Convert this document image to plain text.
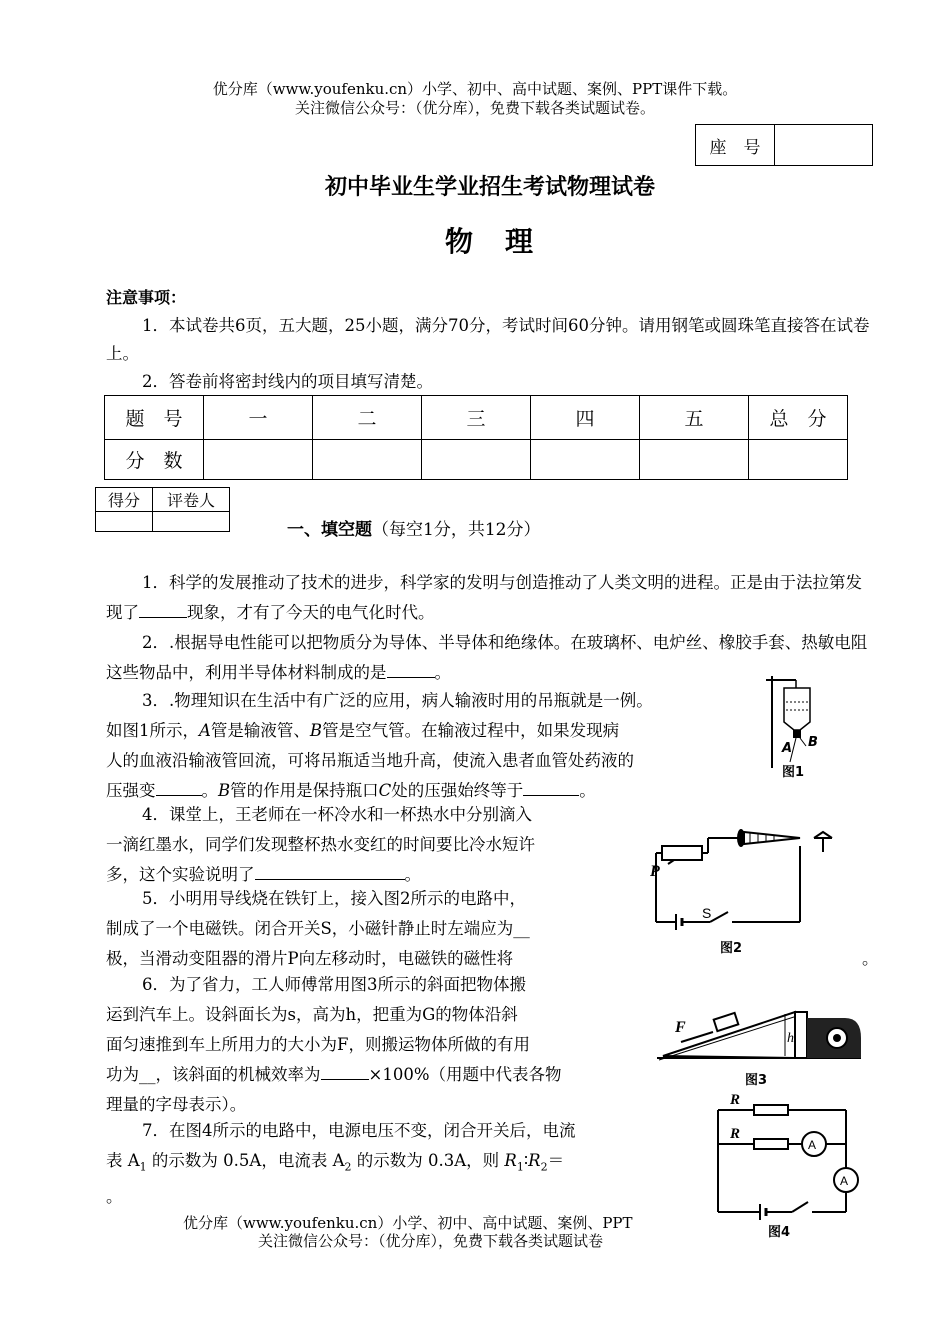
优分库（www.youfenku.cn）小学、初中、高中试题、案例、PPT课件下载。
关注微信公众号：（优分库），免费下载各类试题试卷。
座　号
初中毕业生学业招生考试物理试卷
物　理
注意事项：
1．本试卷共6页，五大题，25小题，满分70分，考试时间60分钟。请用钢笔或圆珠笔直接答在试卷上。
2．答卷前将密封线内的项目填写清楚。
题　号	一	二	三	四	五	总　分
分　数						
得分	评卷人

一、填空题（每空1分，共12分）
1．科学的发展推动了技术的进步，科学家的发明与创造推动了人类文明的进程。正是由于法拉第发现了	现象，才有了今天的电气化时代。
2．.根据导电性能可以把物质分为导体、半导体和绝缘体。在玻璃杯、电炉丝、橡胶手套、热敏电阻这些物品中，利用半导体材料制成的是	。
3．.物理知识在生活中有广泛的应用，病人输液时用的吊瓶就是一例。
如图1所示，A管是输液管、B管是空气管。在输液过程中，如果发现病
人的血液沿输液管回流，可将吊瓶适当地升高，使流入患者血管处药液的
压强变	。B管的作用是保持瓶口C处的压强始终等于	。
4．课堂上，王老师在一杯冷水和一杯热水中分别滴入
一滴红墨水，同学们发现整杯热水变红的时间要比冷水短许
多，这个实验说明了	。
5．小明用导线烧在铁钉上，接入图2所示的电路中，
制成了一个电磁铁。闭合开关S，小磁针静止时左端应为__
极，当滑动变阻器的滑片P向左移动时，电磁铁的磁性将	。
6．为了省力，工人师傅常用图3所示的斜面把物体搬
运到汽车上。设斜面长为s，高为h，把重为G的物体沿斜
面匀速推到车上所用力的大小为F，则搬运物体所做的有用
功为__，该斜面的机械效率为	×100%（用题中代表各物
理量的字母表示）。
7．在图4所示的电路中，电源电压不变，闭合开关后，电流
表 $A_1$ 的示数为 0.5A，电流表 $A_2$ 的示数为 0.3A，则 $R_1∶R_2=$
。
A B
图1
P
S
图2
F
h
图3
R
R
A
A
图4
优分库（www.youfenku.cn）小学、初中、高中试题、案例、PPT
关注微信公众号：（优分库），免费下载各类试题试卷
